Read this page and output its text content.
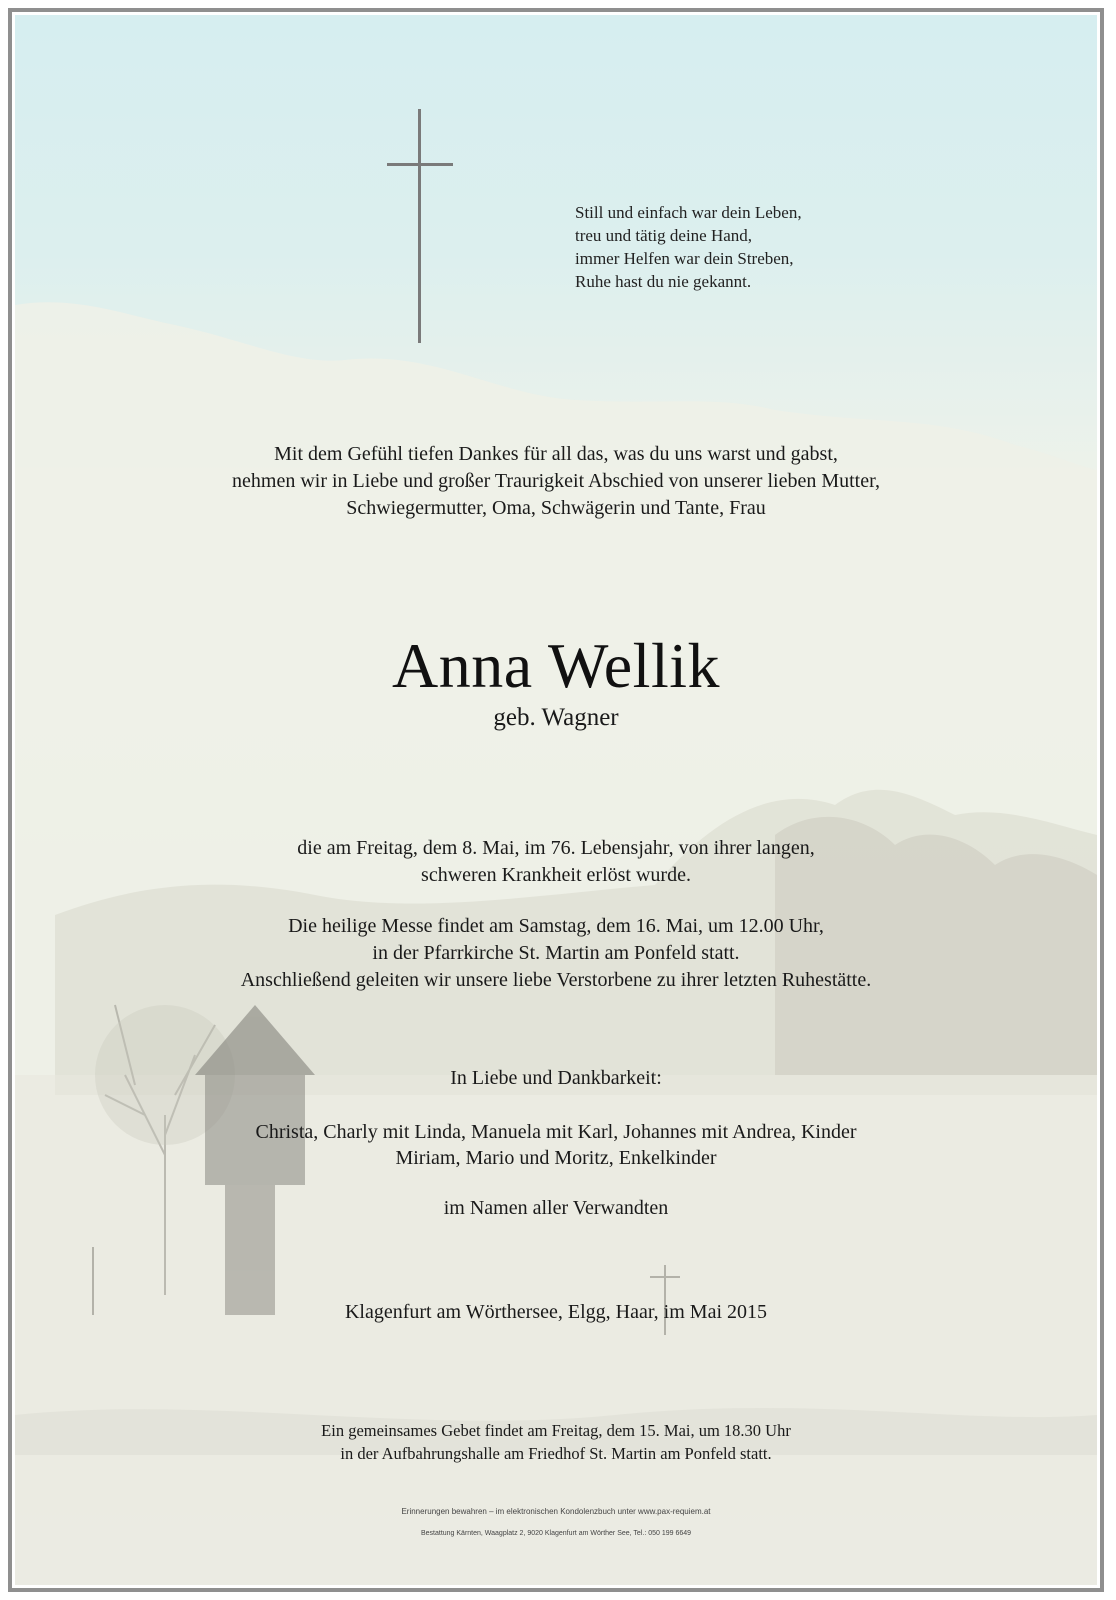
Still und einfach war dein Leben,
treu und tätig deine Hand,
immer Helfen war dein Streben,
Ruhe hast du nie gekannt.
Mit dem Gefühl tiefen Dankes für all das, was du uns warst und gabst,
nehmen wir in Liebe und großer Traurigkeit Abschied von unserer lieben Mutter,
Schwiegermutter, Oma, Schwägerin und Tante, Frau
Anna Wellik
geb. Wagner
die am Freitag, dem 8. Mai, im 76. Lebensjahr, von ihrer langen,
schweren Krankheit erlöst wurde.
Die heilige Messe findet am Samstag, dem 16. Mai, um 12.00 Uhr,
in der Pfarrkirche St. Martin am Ponfeld statt.
Anschließend geleiten wir unsere liebe Verstorbene zu ihrer letzten Ruhestätte.
In Liebe und Dankbarkeit:
Christa, Charly mit Linda, Manuela mit Karl, Johannes mit Andrea, Kinder
Miriam, Mario und Moritz, Enkelkinder
im Namen aller Verwandten
Klagenfurt am Wörthersee, Elgg, Haar, im Mai 2015
Ein gemeinsames Gebet findet am Freitag, dem 15. Mai, um 18.30 Uhr
in der Aufbahrungshalle am Friedhof St. Martin am Ponfeld statt.
Erinnerungen bewahren – im elektronischen Kondolenzbuch unter www.pax-requiem.at
Bestattung Kärnten, Waagplatz 2, 9020 Klagenfurt am Wörther See, Tel.: 050 199 6649
